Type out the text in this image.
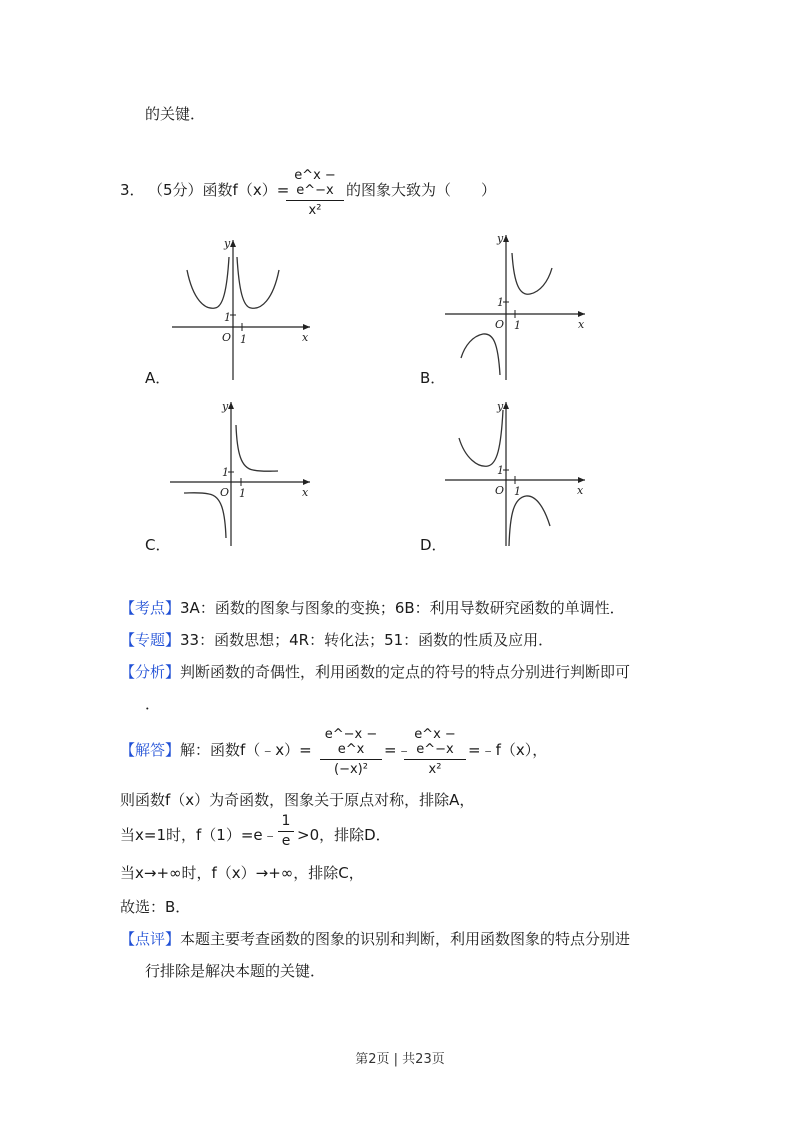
的关键．
3． （5分）函数f（x）=
e^x − e^−x
x²
的图象大致为（　　）
y
x
O 1
1
A．
y
x
O 1
1
B．
y
x
O 1
1
C．
y
x
O 1
1
D．
【考点】3A：函数的图象与图象的变换；6B：利用导数研究函数的单调性．
【专题】33：函数思想；4R：转化法；51：函数的性质及应用．
【分析】判断函数的奇偶性，利用函数的定点的符号的特点分别进行判断即可
．
【解答】解：函数f（﹣x）=
e^−x − e^x
(−x)²
=﹣
e^x − e^−x
x²
=﹣f（x），
则函数f（x）为奇函数，图象关于原点对称，排除A，
当x=1时，f（1）=e﹣
1
e >0，排除D．
当x→+∞时，f（x）→+∞，排除C，
故选：B．
【点评】本题主要考查函数的图象的识别和判断，利用函数图象的特点分别进
行排除是解决本题的关键．
第2页 | 共23页
